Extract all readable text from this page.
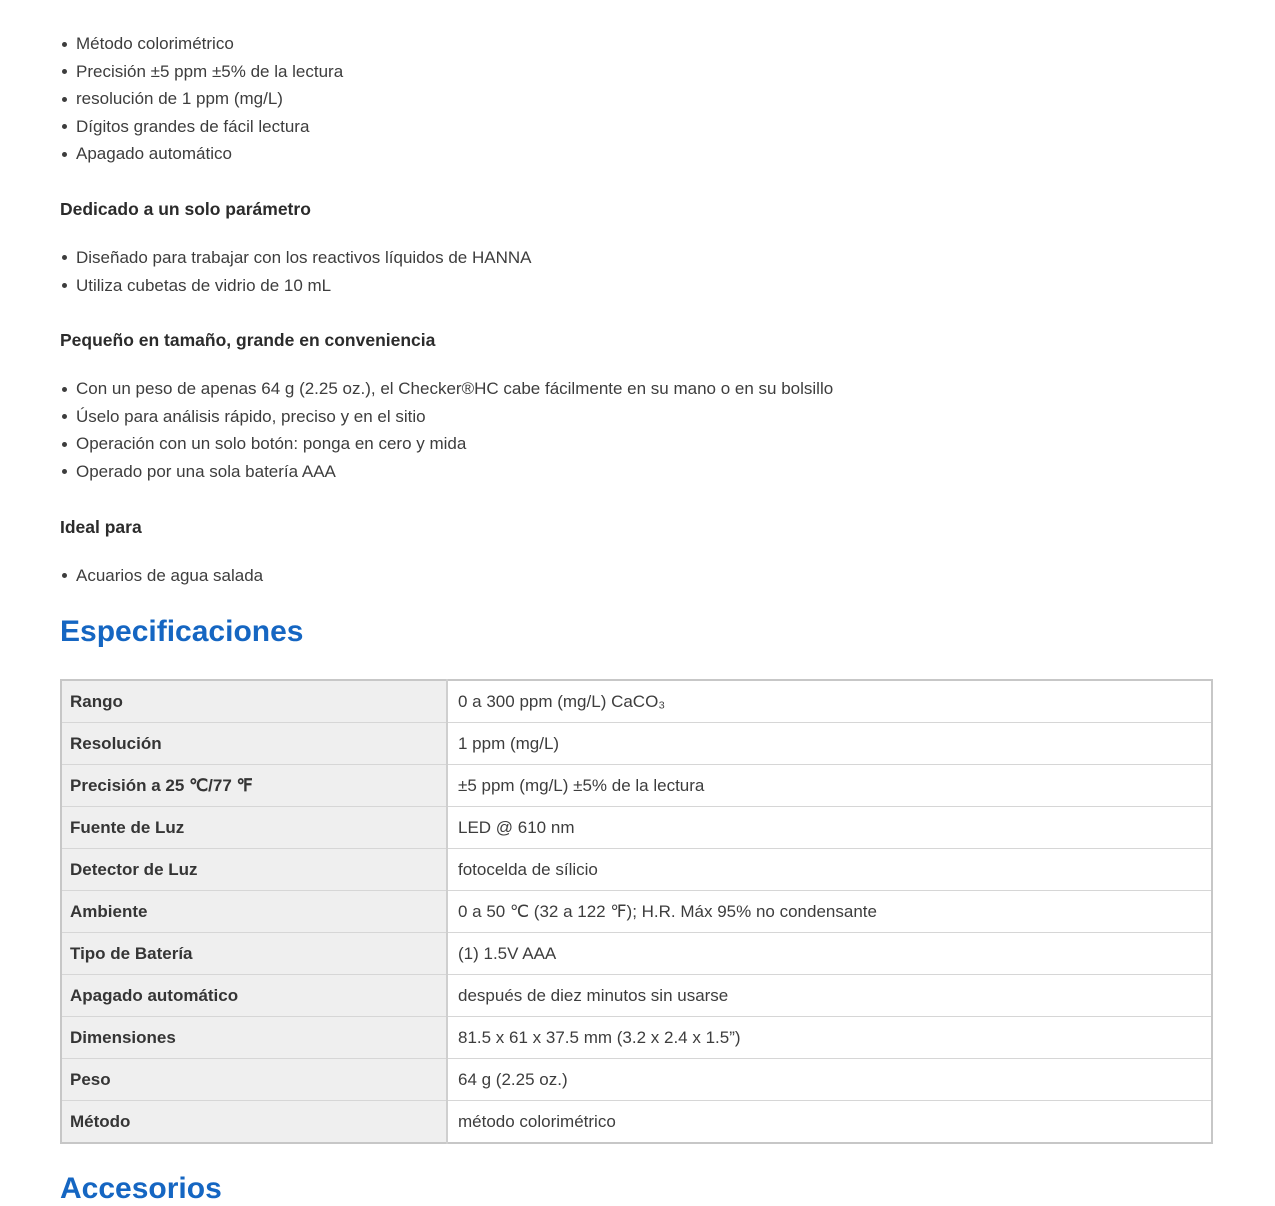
Método colorimétrico
Precisión ±5 ppm ±5% de la lectura
resolución de 1 ppm (mg/L)
Dígitos grandes de fácil lectura
Apagado automático
Dedicado a un solo parámetro
Diseñado para trabajar con los reactivos líquidos de HANNA
Utiliza cubetas de vidrio de 10 mL
Pequeño en tamaño, grande en conveniencia
Con un peso de apenas 64 g (2.25 oz.), el Checker®HC cabe fácilmente en su mano o en su bolsillo
Úselo para análisis rápido, preciso y en el sitio
Operación con un solo botón: ponga en cero y mida
Operado por una sola batería AAA
Ideal para
Acuarios de agua salada
Especificaciones
Rango	0 a 300 ppm (mg/L) CaCO₃
Resolución	1 ppm (mg/L)
Precisión a 25 ℃/77 ℉	±5 ppm (mg/L) ±5% de la lectura
Fuente de Luz	LED @ 610 nm
Detector de Luz	fotocelda de sílicio
Ambiente	0 a 50 ℃ (32 a 122 ℉); H.R. Máx 95% no condensante
Tipo de Batería	(1) 1.5V AAA
Apagado automático	después de diez minutos sin usarse
Dimensiones	81.5 x 61 x 37.5 mm (3.2 x 2.4 x 1.5”)
Peso	64 g (2.25 oz.)
Método	método colorimétrico
Accesorios
